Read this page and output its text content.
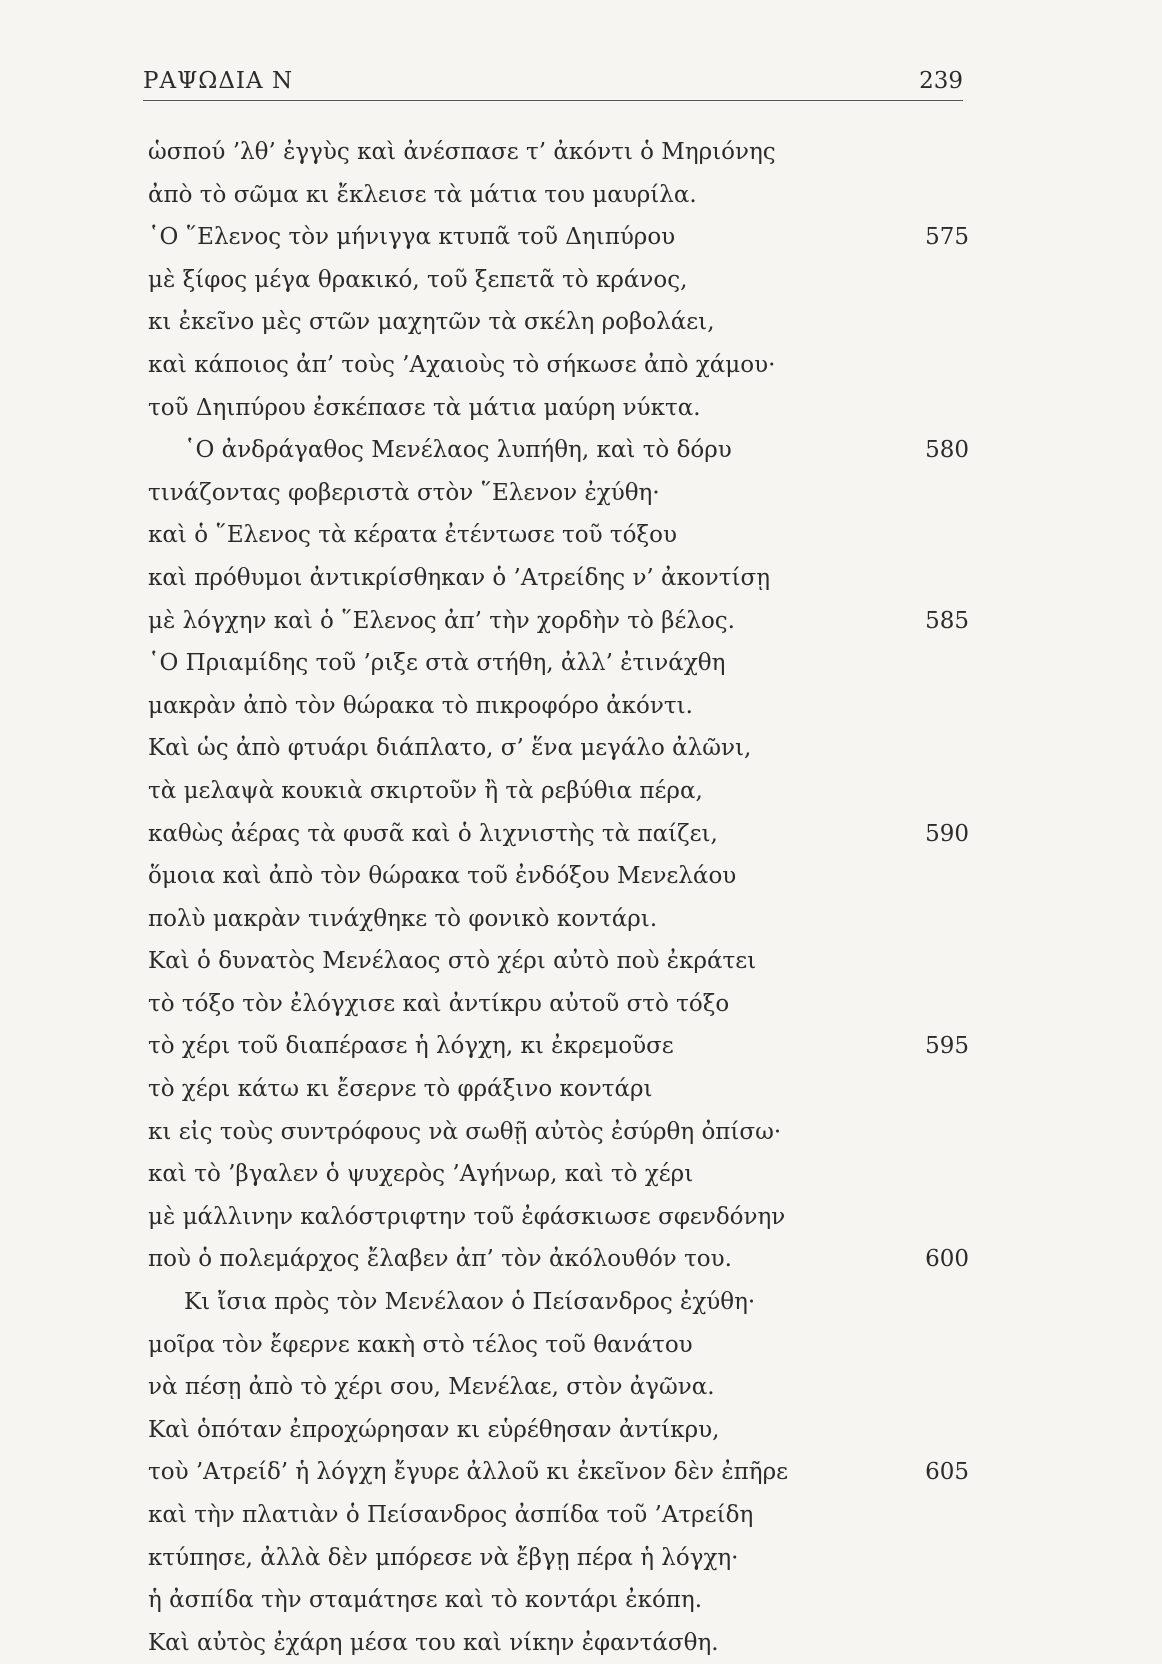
ΡΑΨΩΔΙΑ Ν	239
ὡσπού ’λθ’ ἐγγὺς καὶ ἀνέσπασε τ’ ἀκόντι ὁ Μηριόνης
ἀπὸ τὸ σῶμα κι ἔκλεισε τὰ μάτια του μαυρίλα.
῾Ο ῞Ελενος τὸν μήνιγγα κτυπᾶ τοῦ Δηιπύρου	575
μὲ ξίφος μέγα θρακικό, τοῦ ξεπετᾶ τὸ κράνος,
κι ἐκεῖνο μὲς στῶν μαχητῶν τὰ σκέλη ροβολάει,
καὶ κάποιος ἀπ’ τοὺς ’Αχαιοὺς τὸ σήκωσε ἀπὸ χάμου·
τοῦ Δηιπύρου ἐσκέπασε τὰ μάτια μαύρη νύκτα.
῾Ο ἀνδράγαθος Μενέλαος λυπήθη, καὶ τὸ δόρυ	580
τινάζοντας φοβεριστὰ στὸν ῞Ελενον ἐχύθη·
καὶ ὁ ῞Ελενος τὰ κέρατα ἐτέντωσε τοῦ τόξου
καὶ πρόθυμοι ἀντικρίσθηκαν ὁ ’Ατρείδης ν’ ἀκοντίσῃ
μὲ λόγχην καὶ ὁ ῞Ελενος ἀπ’ τὴν χορδὴν τὸ βέλος.	585
῾Ο Πριαμίδης τοῦ ’ριξε στὰ στήθη, ἀλλ’ ἐτινάχθη
μακρὰν ἀπὸ τὸν θώρακα τὸ πικροφόρο ἀκόντι.
Καὶ ὡς ἀπὸ φτυάρι διάπλατο, σ’ ἕνα μεγάλο ἀλῶνι,
τὰ μελαψὰ κουκιὰ σκιρτοῦν ἢ τὰ ρεβύθια πέρα,
καθὼς ἀέρας τὰ φυσᾶ καὶ ὁ λιχνιστὴς τὰ παίζει,	590
ὅμοια καὶ ἀπὸ τὸν θώρακα τοῦ ἐνδόξου Μενελάου
πολὺ μακρὰν τινάχθηκε τὸ φονικὸ κοντάρι.
Καὶ ὁ δυνατὸς Μενέλαος στὸ χέρι αὐτὸ ποὺ ἐκράτει
τὸ τόξο τὸν ἐλόγχισε καὶ ἀντίκρυ αὐτοῦ στὸ τόξο
τὸ χέρι τοῦ διαπέρασε ἡ λόγχη, κι ἐκρεμοῦσε	595
τὸ χέρι κάτω κι ἔσερνε τὸ φράξινο κοντάρι
κι εἰς τοὺς συντρόφους νὰ σωθῇ αὐτὸς ἐσύρθη ὀπίσω·
καὶ τὸ ’βγαλεν ὁ ψυχερὸς ’Αγήνωρ, καὶ τὸ χέρι
μὲ μάλλινην καλόστριφτην τοῦ ἐφάσκιωσε σφενδόνην
ποὺ ὁ πολεμάρχος ἔλαβεν ἀπ’ τὸν ἀκόλουθόν του.	600
Κι ἴσια πρὸς τὸν Μενέλαον ὁ Πείσανδρος ἐχύθη·
μοῖρα τὸν ἔφερνε κακὴ στὸ τέλος τοῦ θανάτου
νὰ πέσῃ ἀπὸ τὸ χέρι σου, Μενέλαε, στὸν ἀγῶνα.
Καὶ ὁπόταν ἐπροχώρησαν κι εὑρέθησαν ἀντίκρυ,
τοὺ ’Ατρείδ’ ἡ λόγχη ἔγυρε ἀλλοῦ κι ἐκεῖνον δὲν ἐπῆρε	605
καὶ τὴν πλατιὰν ὁ Πείσανδρος ἀσπίδα τοῦ ’Ατρείδη
κτύπησε, ἀλλὰ δὲν μπόρεσε νὰ ἔβγῃ πέρα ἡ λόγχη·
ἡ ἀσπίδα τὴν σταμάτησε καὶ τὸ κοντάρι ἐκόπη.
Καὶ αὐτὸς ἐχάρη μέσα του καὶ νίκην ἐφαντάσθη.
